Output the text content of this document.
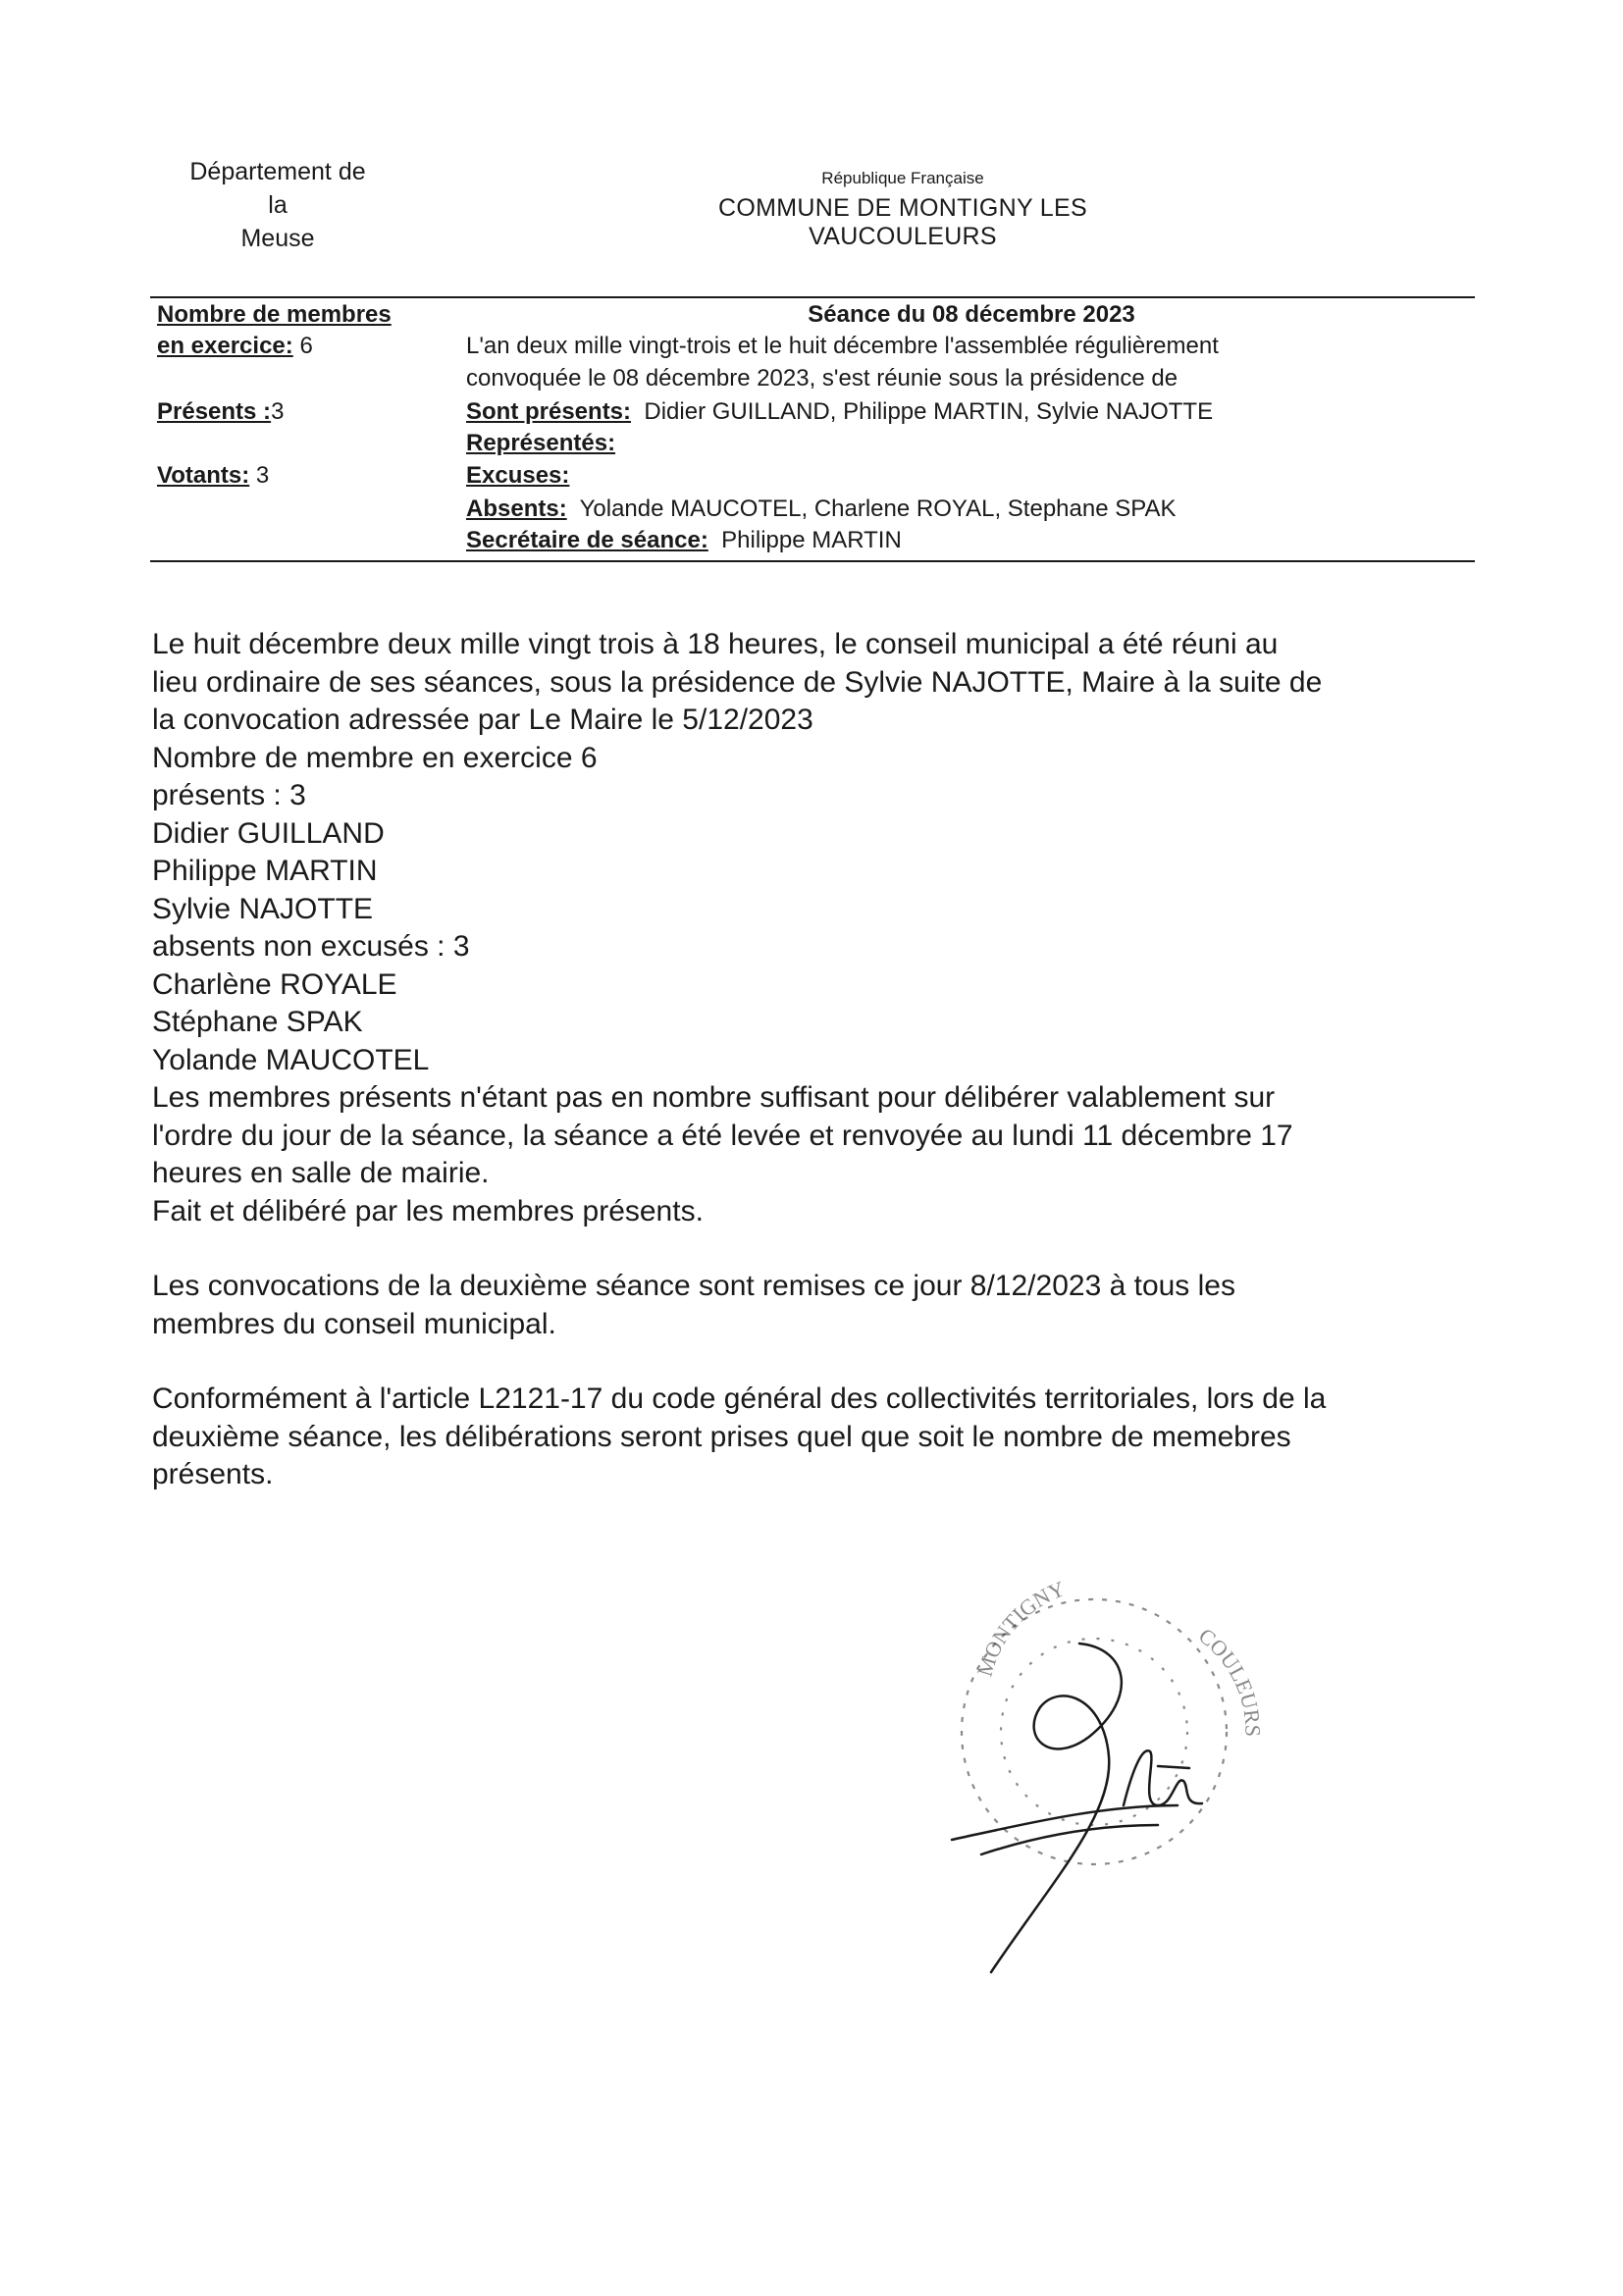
Département de la
Meuse
République Française
COMMUNE DE MONTIGNY LES VAUCOULEURS
Nombre de membres
en exercice: 6
Présents :3
Votants: 3
Séance du 08 décembre 2023
L'an deux mille vingt-trois et le huit décembre l'assemblée régulièrement
convoquée le 08 décembre 2023, s'est réunie sous la présidence de
Sont présents: Didier GUILLAND, Philippe MARTIN, Sylvie NAJOTTE
Représentés:
Excuses:
Absents: Yolande MAUCOTEL, Charlene ROYAL, Stephane SPAK
Secrétaire de séance: Philippe MARTIN

Le huit décembre deux mille vingt trois à 18 heures, le conseil municipal a été réuni au

lieu ordinaire de ses séances, sous la présidence de Sylvie NAJOTTE, Maire à la suite de

la convocation adressée par Le Maire le 5/12/2023

Nombre de membre en exercice 6

présents : 3

Didier GUILLAND

Philippe MARTIN

Sylvie NAJOTTE

absents non excusés : 3

Charlène ROYALE

Stéphane SPAK

Yolande MAUCOTEL

Les membres présents n'étant pas en nombre suffisant pour délibérer valablement sur

l'ordre du jour de la séance, la séance a été levée et renvoyée au lundi 11 décembre 17

heures en salle de mairie.

Fait et délibéré par les membres présents.

Les convocations de la deuxième séance sont remises ce jour 8/12/2023 à tous les

membres du conseil municipal.

Conformément à l'article L2121-17 du code général des collectivités territoriales, lors de la

deuxième séance, les délibérations seront prises quel que soit le nombre de memebres

présents.

MONTIGNY
COULEURS
